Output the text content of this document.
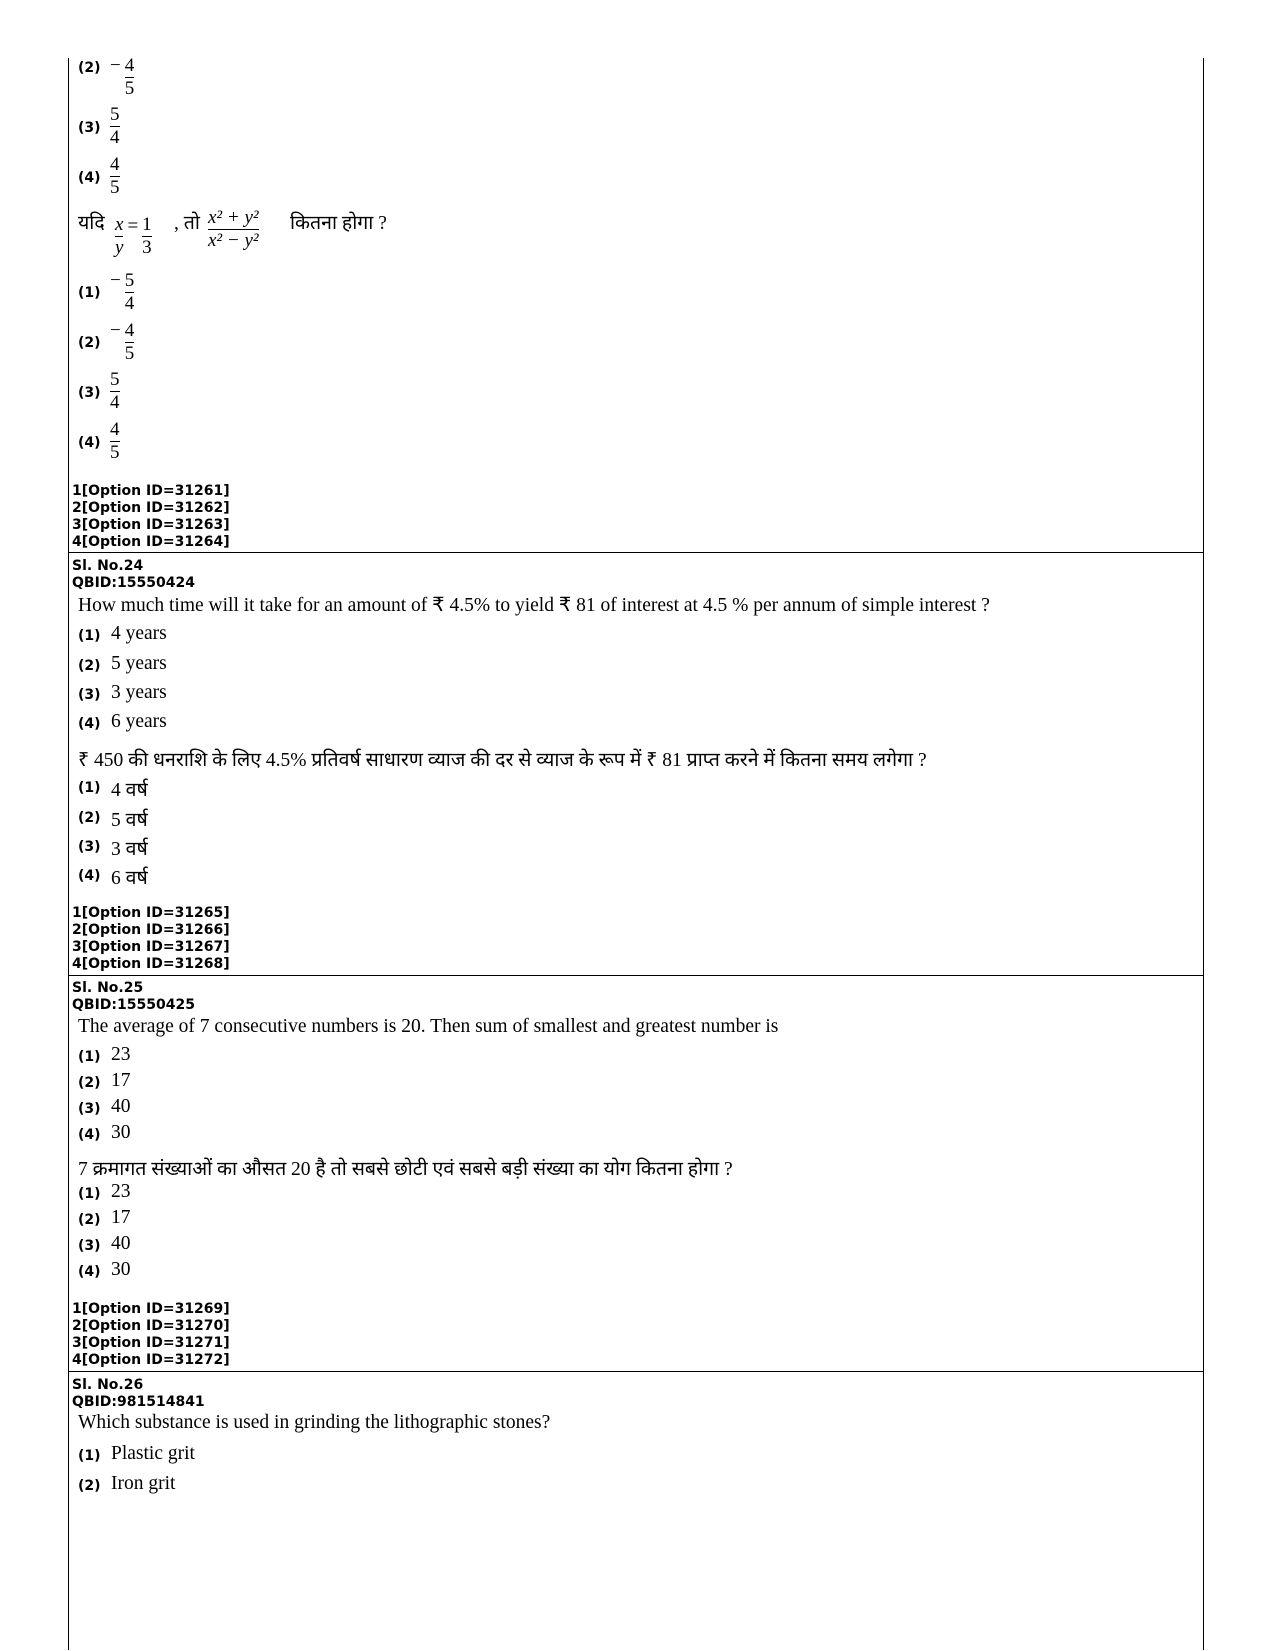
$(2) - \frac{4}{5}$
$(3) \frac{5}{4}$
$(4) \frac{4}{5}$
यदि $\frac{x}{y} = \frac{1}{3}$ , तो $\frac{\text{x² + y²}}{\text{x² − y²}}$ कितना होगा ?
(1)
− $\frac{5}{4}$
(2)
− $\frac{4}{5}$
$(3) \frac{5}{4}$
$(4) \frac{4}{5}$
1[Option ID=31261]
2[Option ID=31262]
3[Option ID=31263]
4[Option ID=31264]
Sl. No.24
QBID:15550424
How much time will it take for an amount of ₹ 4.5% to yield ₹ 81 of interest at 4.5 % per annum of simple interest ?
(1) 4 years
(2) 5 years
(3) 3 years
(4) 6 years
₹ 450 की धनराशि के लिए 4.5% प्रतिवर्ष साधारण व्याज की दर से व्याज के रूप में ₹ 81 प्राप्त करने में कितना समय लगेगा ?
(1) 4 वर्ष
(2) 5 वर्ष
(3) 3 वर्ष
(4) 6 वर्ष
1[Option ID=31265]
2[Option ID=31266]
3[Option ID=31267]
4[Option ID=31268]
Sl. No.25
QBID:15550425
The average of 7 consecutive numbers is 20. Then sum of smallest and greatest number is
(1) 23
(2) 17
(3) 40
(4) 30
7 क्रमागत संख्याओं का औसत 20 है तो सबसे छोटी एवं सबसे बड़ी संख्या का योग कितना होगा ?
(1) 23
(2) 17
(3) 40
(4) 30
1[Option ID=31269]
2[Option ID=31270]
3[Option ID=31271]
4[Option ID=31272]
Sl. No.26
QBID:981514841
Which substance is used in grinding the lithographic stones?
(1) Plastic grit
(2) Iron grit
